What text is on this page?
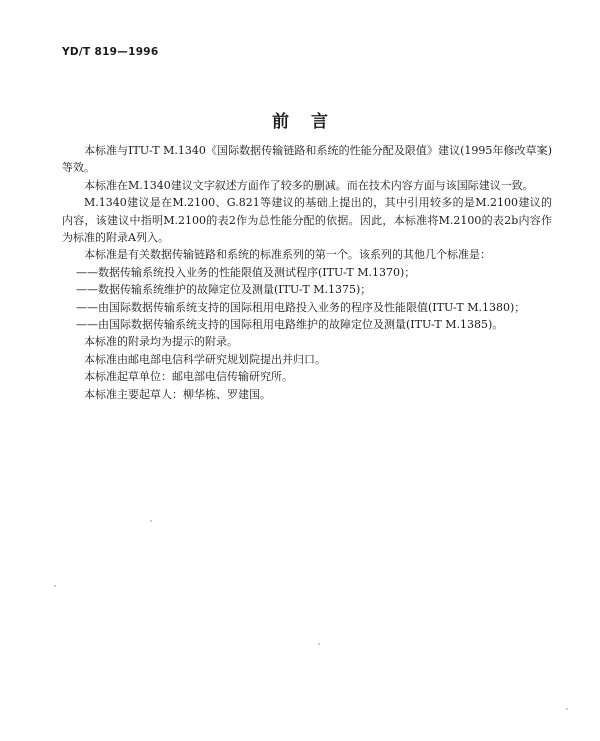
YD/T 819—1996
前言

本标准与ITU-T M.1340《国际数据传输链路和系统的性能分配及限值》建议(1995年修改草案)等效。

本标准在M.1340建议文字叙述方面作了较多的删减。而在技术内容方面与该国际建议一致。

M.1340建议是在M.2100、G.821等建议的基础上提出的，其中引用较多的是M.2100建议的内容，该建议中指明M.2100的表2作为总性能分配的依据。因此，本标准将M.2100的表2b内容作为标准的附录A列入。

本标准是有关数据传输链路和系统的标准系列的第一个。该系列的其他几个标准是：

——数据传输系统投入业务的性能限值及测试程序(ITU-T M.1370)；

——数据传输系统维护的故障定位及测量(ITU-T M.1375)；

——由国际数据传输系统支持的国际租用电路投入业务的程序及性能限值(ITU-T M.1380)；

——由国际数据传输系统支持的国际租用电路维护的故障定位及测量(ITU-T M.1385)。

本标准的附录均为提示的附录。

本标准由邮电部电信科学研究规划院提出并归口。

本标准起草单位：邮电部电信传输研究所。

本标准主要起草人：柳华栋、罗建国。
